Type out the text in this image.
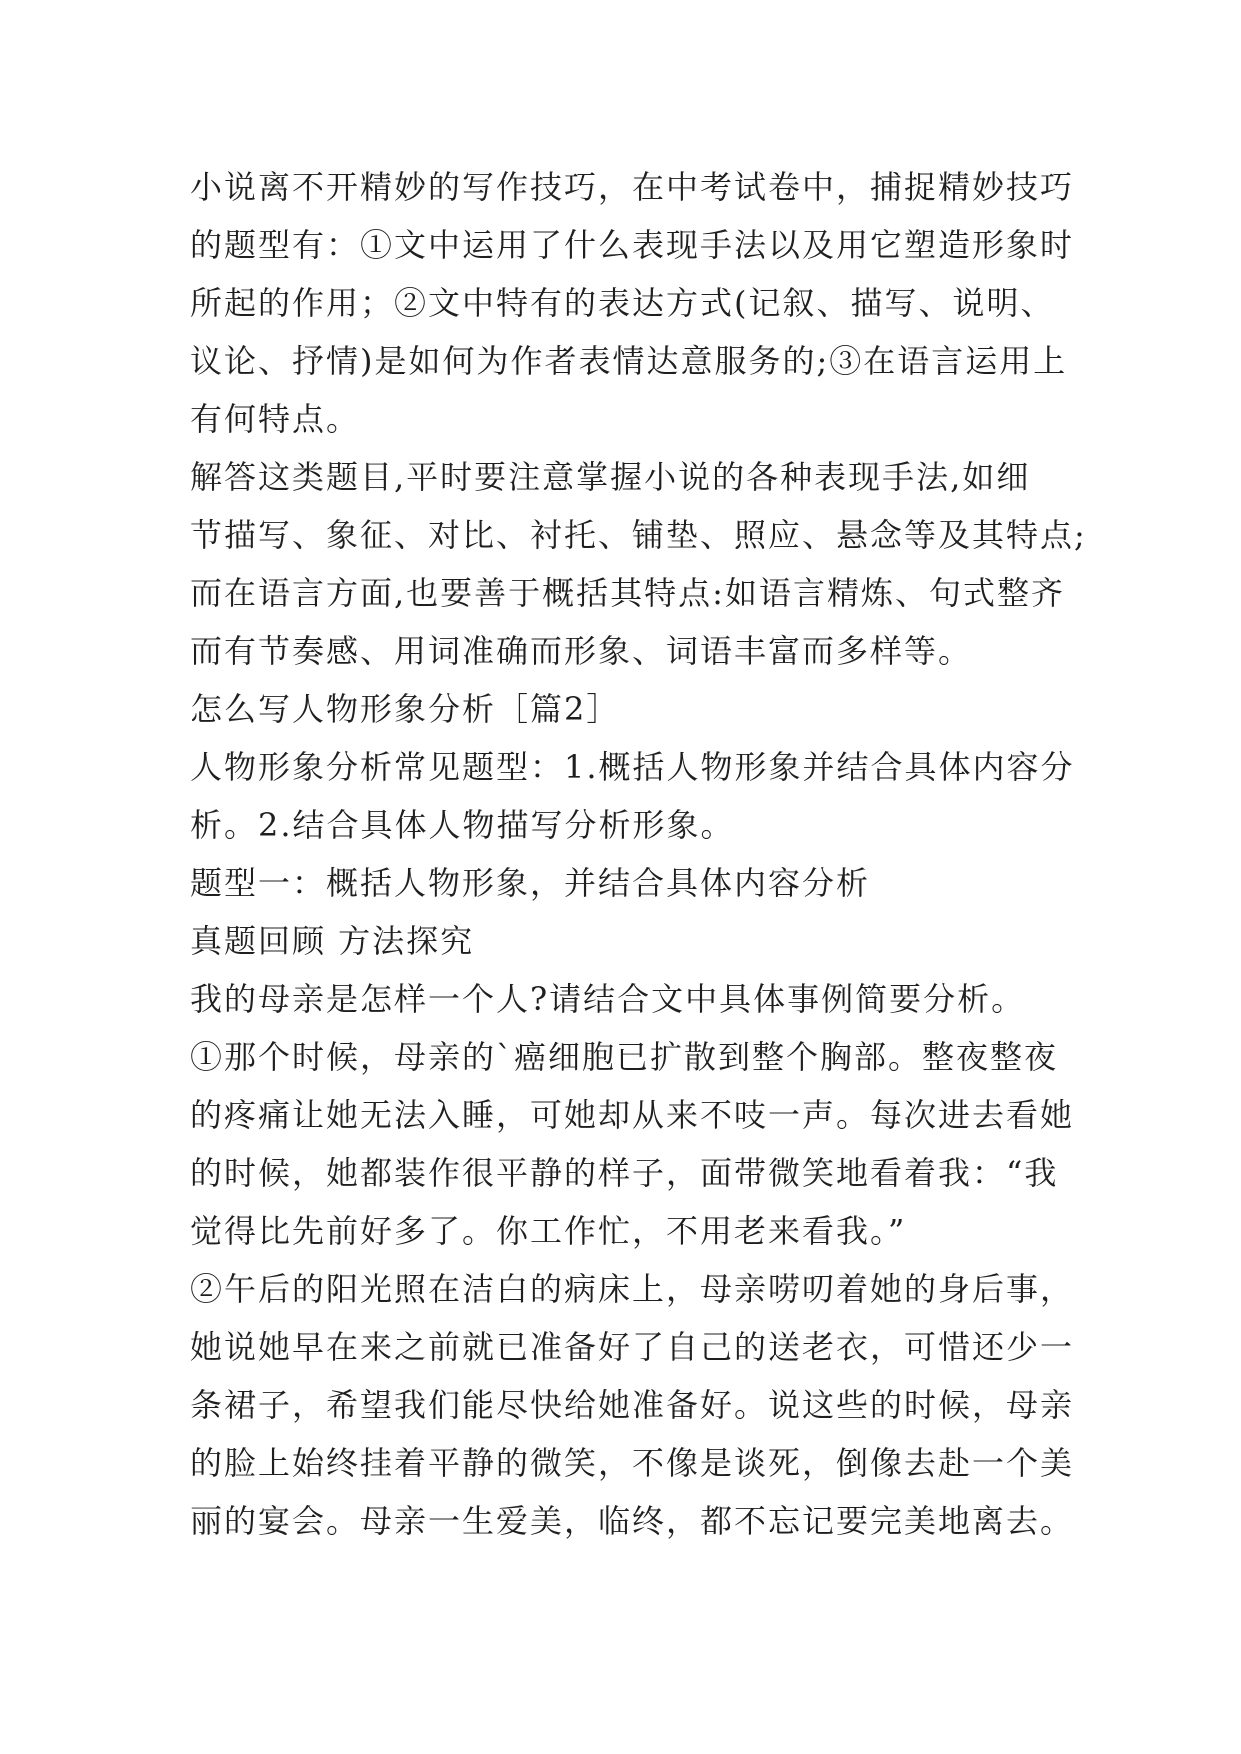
小说离不开精妙的写作技巧，在中考试卷中，捕捉精妙技巧
的题型有：①文中运用了什么表现手法以及用它塑造形象时
所起的作用；②文中特有的表达方式(记叙、描写、说明、
议论、抒情)是如何为作者表情达意服务的;③在语言运用上
有何特点。
解答这类题目,平时要注意掌握小说的各种表现手法,如细
节描写、象征、对比、衬托、铺垫、照应、悬念等及其特点;
而在语言方面,也要善于概括其特点:如语言精炼、句式整齐
而有节奏感、用词准确而形象、词语丰富而多样等。
怎么写人物形象分析［篇2］
人物形象分析常见题型：1.概括人物形象并结合具体内容分
析。2.结合具体人物描写分析形象。
题型一：概括人物形象，并结合具体内容分析
真题回顾 方法探究
我的母亲是怎样一个人?请结合文中具体事例简要分析。
①那个时候，母亲的`癌细胞已扩散到整个胸部。整夜整夜
的疼痛让她无法入睡，可她却从来不吱一声。每次进去看她
的时候，她都装作很平静的样子，面带微笑地看着我：“我
觉得比先前好多了。你工作忙，不用老来看我。”
②午后的阳光照在洁白的病床上，母亲唠叨着她的身后事，
她说她早在来之前就已准备好了自己的送老衣，可惜还少一
条裙子，希望我们能尽快给她准备好。说这些的时候，母亲
的脸上始终挂着平静的微笑，不像是谈死，倒像去赴一个美
丽的宴会。母亲一生爱美，临终，都不忘记要完美地离去。
